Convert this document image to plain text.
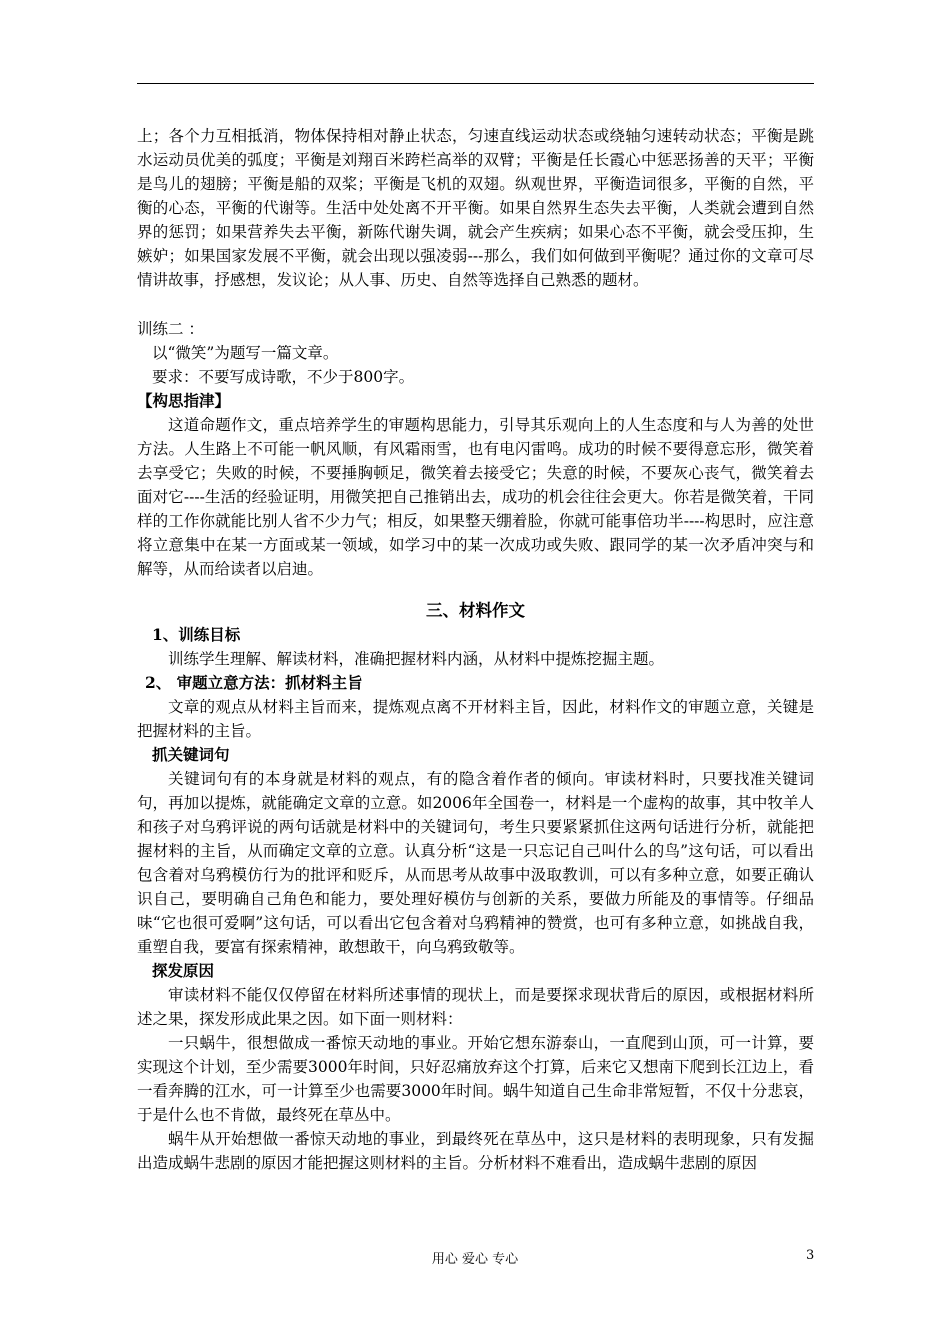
上；各个力互相抵消，物体保持相对静止状态，匀速直线运动状态或绕轴匀速转动状态；平衡是跳水运动员优美的弧度；平衡是刘翔百米跨栏高举的双臂；平衡是任长霞心中惩恶扬善的天平；平衡是鸟儿的翅膀；平衡是船的双桨；平衡是飞机的双翅。纵观世界，平衡造词很多，平衡的自然，平衡的心态，平衡的代谢等。生活中处处离不开平衡。如果自然界生态失去平衡，人类就会遭到自然界的惩罚；如果营养失去平衡，新陈代谢失调，就会产生疾病；如果心态不平衡，就会受压抑，生嫉妒；如果国家发展不平衡，就会出现以强凌弱---那么，我们如何做到平衡呢？通过你的文章可尽情讲故事，抒感想，发议论；从人事、历史、自然等选择自己熟悉的题材。

训练二 ：

以“微笑”为题写一篇文章。

要求：不要写成诗歌，不少于800字。

【构思指津】

这道命题作文，重点培养学生的审题构思能力，引导其乐观向上的人生态度和与人为善的处世方法。人生路上不可能一帆风顺，有风霜雨雪，也有电闪雷鸣。成功的时候不要得意忘形，微笑着去享受它；失败的时候，不要捶胸顿足，微笑着去接受它；失意的时候，不要灰心丧气，微笑着去面对它----生活的经验证明，用微笑把自己推销出去，成功的机会往往会更大。你若是微笑着，干同样的工作你就能比别人省不少力气；相反，如果整天绷着脸，你就可能事倍功半----构思时，应注意将立意集中在某一方面或某一领域，如学习中的某一次成功或失败、跟同学的某一次矛盾冲突与和解等，从而给读者以启迪。

三、材料作文

1、训练目标

训练学生理解、解读材料，准确把握材料内涵，从材料中提炼挖掘主题。

2、 审题立意方法：抓材料主旨

文章的观点从材料主旨而来，提炼观点离不开材料主旨，因此，材料作文的审题立意，关键是把握材料的主旨。

抓关键词句

关键词句有的本身就是材料的观点，有的隐含着作者的倾向。审读材料时，只要找准关键词句，再加以提炼，就能确定文章的立意。如2006年全国卷一，材料是一个虚构的故事，其中牧羊人和孩子对乌鸦评说的两句话就是材料中的关键词句，考生只要紧紧抓住这两句话进行分析，就能把握材料的主旨，从而确定文章的立意。认真分析“这是一只忘记自己叫什么的鸟”这句话，可以看出包含着对乌鸦模仿行为的批评和贬斥，从而思考从故事中汲取教训，可以有多种立意，如要正确认识自己，要明确自己角色和能力，要处理好模仿与创新的关系，要做力所能及的事情等。仔细品味“它也很可爱啊”这句话，可以看出它包含着对乌鸦精神的赞赏，也可有多种立意，如挑战自我，重塑自我，要富有探索精神，敢想敢干，向乌鸦致敬等。

探发原因

审读材料不能仅仅停留在材料所述事情的现状上，而是要探求现状背后的原因，或根据材料所述之果，探发形成此果之因。如下面一则材料：

一只蜗牛，很想做成一番惊天动地的事业。开始它想东游泰山，一直爬到山顶，可一计算，要实现这个计划，至少需要3000年时间，只好忍痛放弃这个打算，后来它又想南下爬到长江边上，看一看奔腾的江水，可一计算至少也需要3000年时间。蜗牛知道自己生命非常短暂，不仅十分悲哀，于是什么也不肯做，最终死在草丛中。

蜗牛从开始想做一番惊天动地的事业，到最终死在草丛中，这只是材料的表明现象，只有发掘出造成蜗牛悲剧的原因才能把握这则材料的主旨。分析材料不难看出，造成蜗牛悲剧的原因

用心 爱心 专心	3
